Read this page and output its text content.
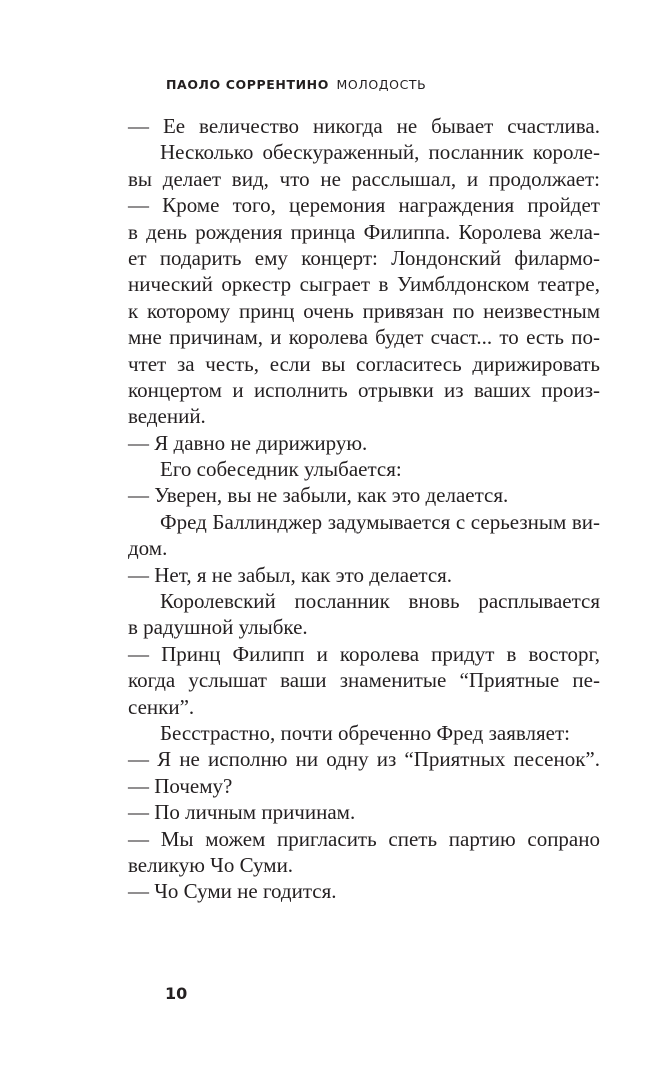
ПАОЛО СОРРЕНТИНО МОЛОДОСТЬ
— Ее величество никогда не бывает счастлива.
Несколько обескураженный, посланник короле-
вы делает вид, что не расслышал, и продолжает:
— Кроме того, церемония награждения пройдет
в день рождения принца Филиппа. Королева жела-
ет подарить ему концерт: Лондонский филармо-
нический оркестр сыграет в Уимблдонском театре,
к которому принц очень привязан по неизвестным
мне причинам, и королева будет счаст... то есть по-
чтет за честь, если вы согласитесь дирижировать
концертом и исполнить отрывки из ваших произ-
ведений.
— Я давно не дирижирую.
Его собеседник улыбается:
— Уверен, вы не забыли, как это делается.
Фред Баллинджер задумывается с серьезным ви-
дом.
— Нет, я не забыл, как это делается.
Королевский посланник вновь расплывается
в радушной улыбке.
— Принц Филипп и королева придут в восторг,
когда услышат ваши знаменитые “Приятные пе-
сенки”.
Бесстрастно, почти обреченно Фред заявляет:
— Я не исполню ни одну из “Приятных песенок”.
— Почему?
— По личным причинам.
— Мы можем пригласить спеть партию сопрано
великую Чо Суми.
— Чо Суми не годится.
10
